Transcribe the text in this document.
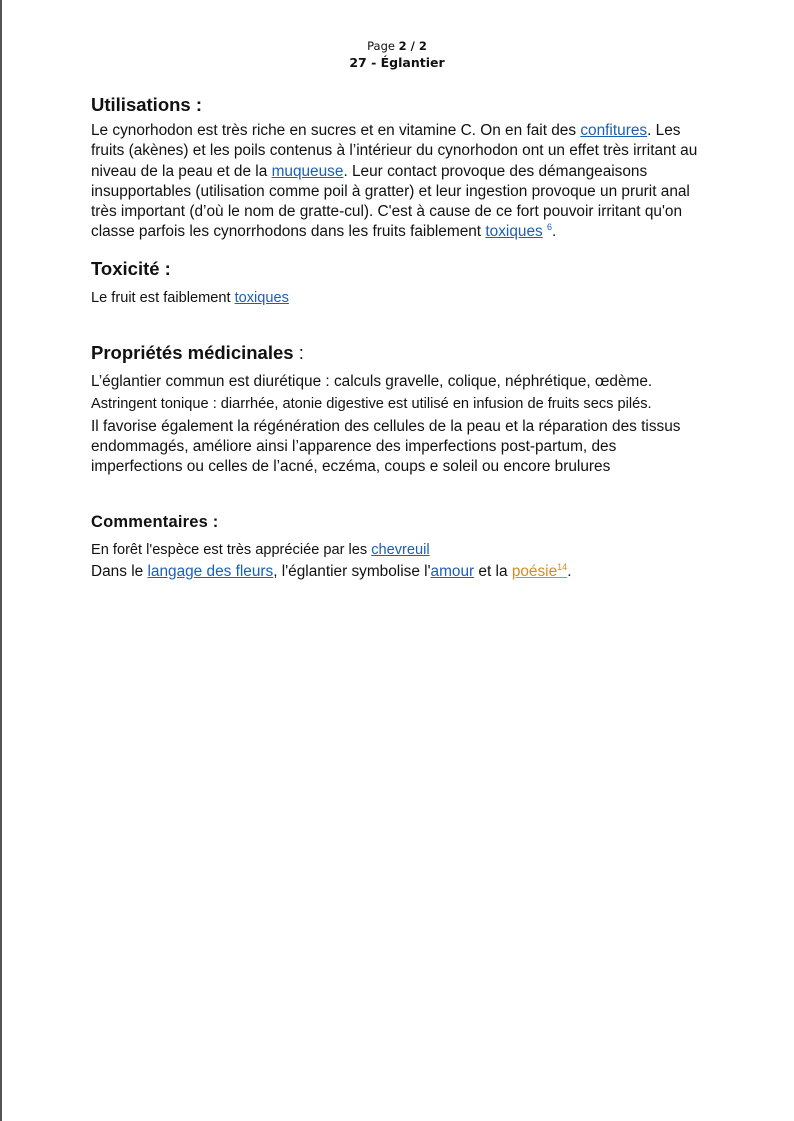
Page 2 / 2
27 - Églantier
Utilisations :

Le cynorhodon est très riche en sucres et en vitamine C. On en fait des confitures. Les fruits (akènes) et les poils contenus à l’intérieur du cynorhodon ont un effet très irritant au niveau de la peau et de la muqueuse. Leur contact provoque des démangeaisons insupportables (utilisation comme poil à gratter) et leur ingestion provoque un prurit anal très important (d’où le nom de gratte-cul). C'est à cause de ce fort pouvoir irritant qu'on classe parfois les cynorrhodons dans les fruits faiblement toxiques $^6$.

Toxicité :

Le fruit est faiblement toxiques

Propriétés médicinales :

L’églantier commun est diurétique : calculs gravelle, colique, néphrétique, œdème.

Astringent tonique : diarrhée, atonie digestive est utilisé en infusion de fruits secs pilés.

Il favorise également la régénération des cellules de la peau et la réparation des tissus endommagés, améliore ainsi l’apparence des imperfections post-partum, des imperfections ou celles de l’acné, eczéma, coups e soleil ou encore brulures

Commentaires :

En forêt l'espèce est très appréciée par les chevreuil

Dans le langage des fleurs, l'églantier symbolise l'amour et la poésie$^{14}$.
